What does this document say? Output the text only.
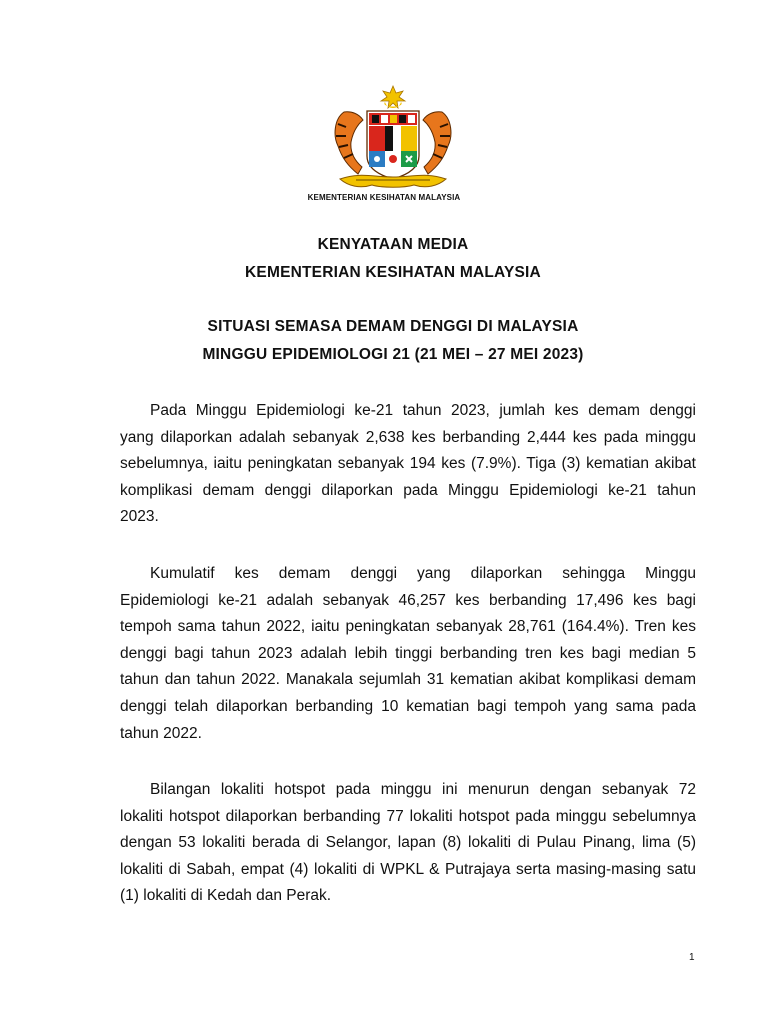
KEMENTERIAN KESIHATAN MALAYSIA
KENYATAAN MEDIA
KEMENTERIAN KESIHATAN MALAYSIA
SITUASI SEMASA DEMAM DENGGI DI MALAYSIA
MINGGU EPIDEMIOLOGI 21 (21 MEI – 27 MEI 2023)
Pada Minggu Epidemiologi ke-21 tahun 2023, jumlah kes demam denggi
yang dilaporkan adalah sebanyak 2,638 kes berbanding 2,444 kes pada minggu
sebelumnya, iaitu peningkatan sebanyak 194 kes (7.9%). Tiga (3) kematian akibat
komplikasi demam denggi dilaporkan pada Minggu Epidemiologi ke-21 tahun
2023.
Kumulatif kes demam denggi yang dilaporkan sehingga Minggu
Epidemiologi ke-21 adalah sebanyak 46,257 kes berbanding 17,496 kes bagi
tempoh sama tahun 2022, iaitu peningkatan sebanyak 28,761 (164.4%). Tren kes
denggi bagi tahun 2023 adalah lebih tinggi berbanding tren kes bagi median 5
tahun dan tahun 2022. Manakala sejumlah 31 kematian akibat komplikasi demam
denggi telah dilaporkan berbanding 10 kematian bagi tempoh yang sama pada
tahun 2022.
Bilangan lokaliti hotspot pada minggu ini menurun dengan sebanyak 72
lokaliti hotspot dilaporkan berbanding 77 lokaliti hotspot pada minggu sebelumnya
dengan 53 lokaliti berada di Selangor, lapan (8) lokaliti di Pulau Pinang, lima (5)
lokaliti di Sabah, empat (4) lokaliti di WPKL & Putrajaya serta masing-masing satu
(1) lokaliti di Kedah dan Perak.
1
